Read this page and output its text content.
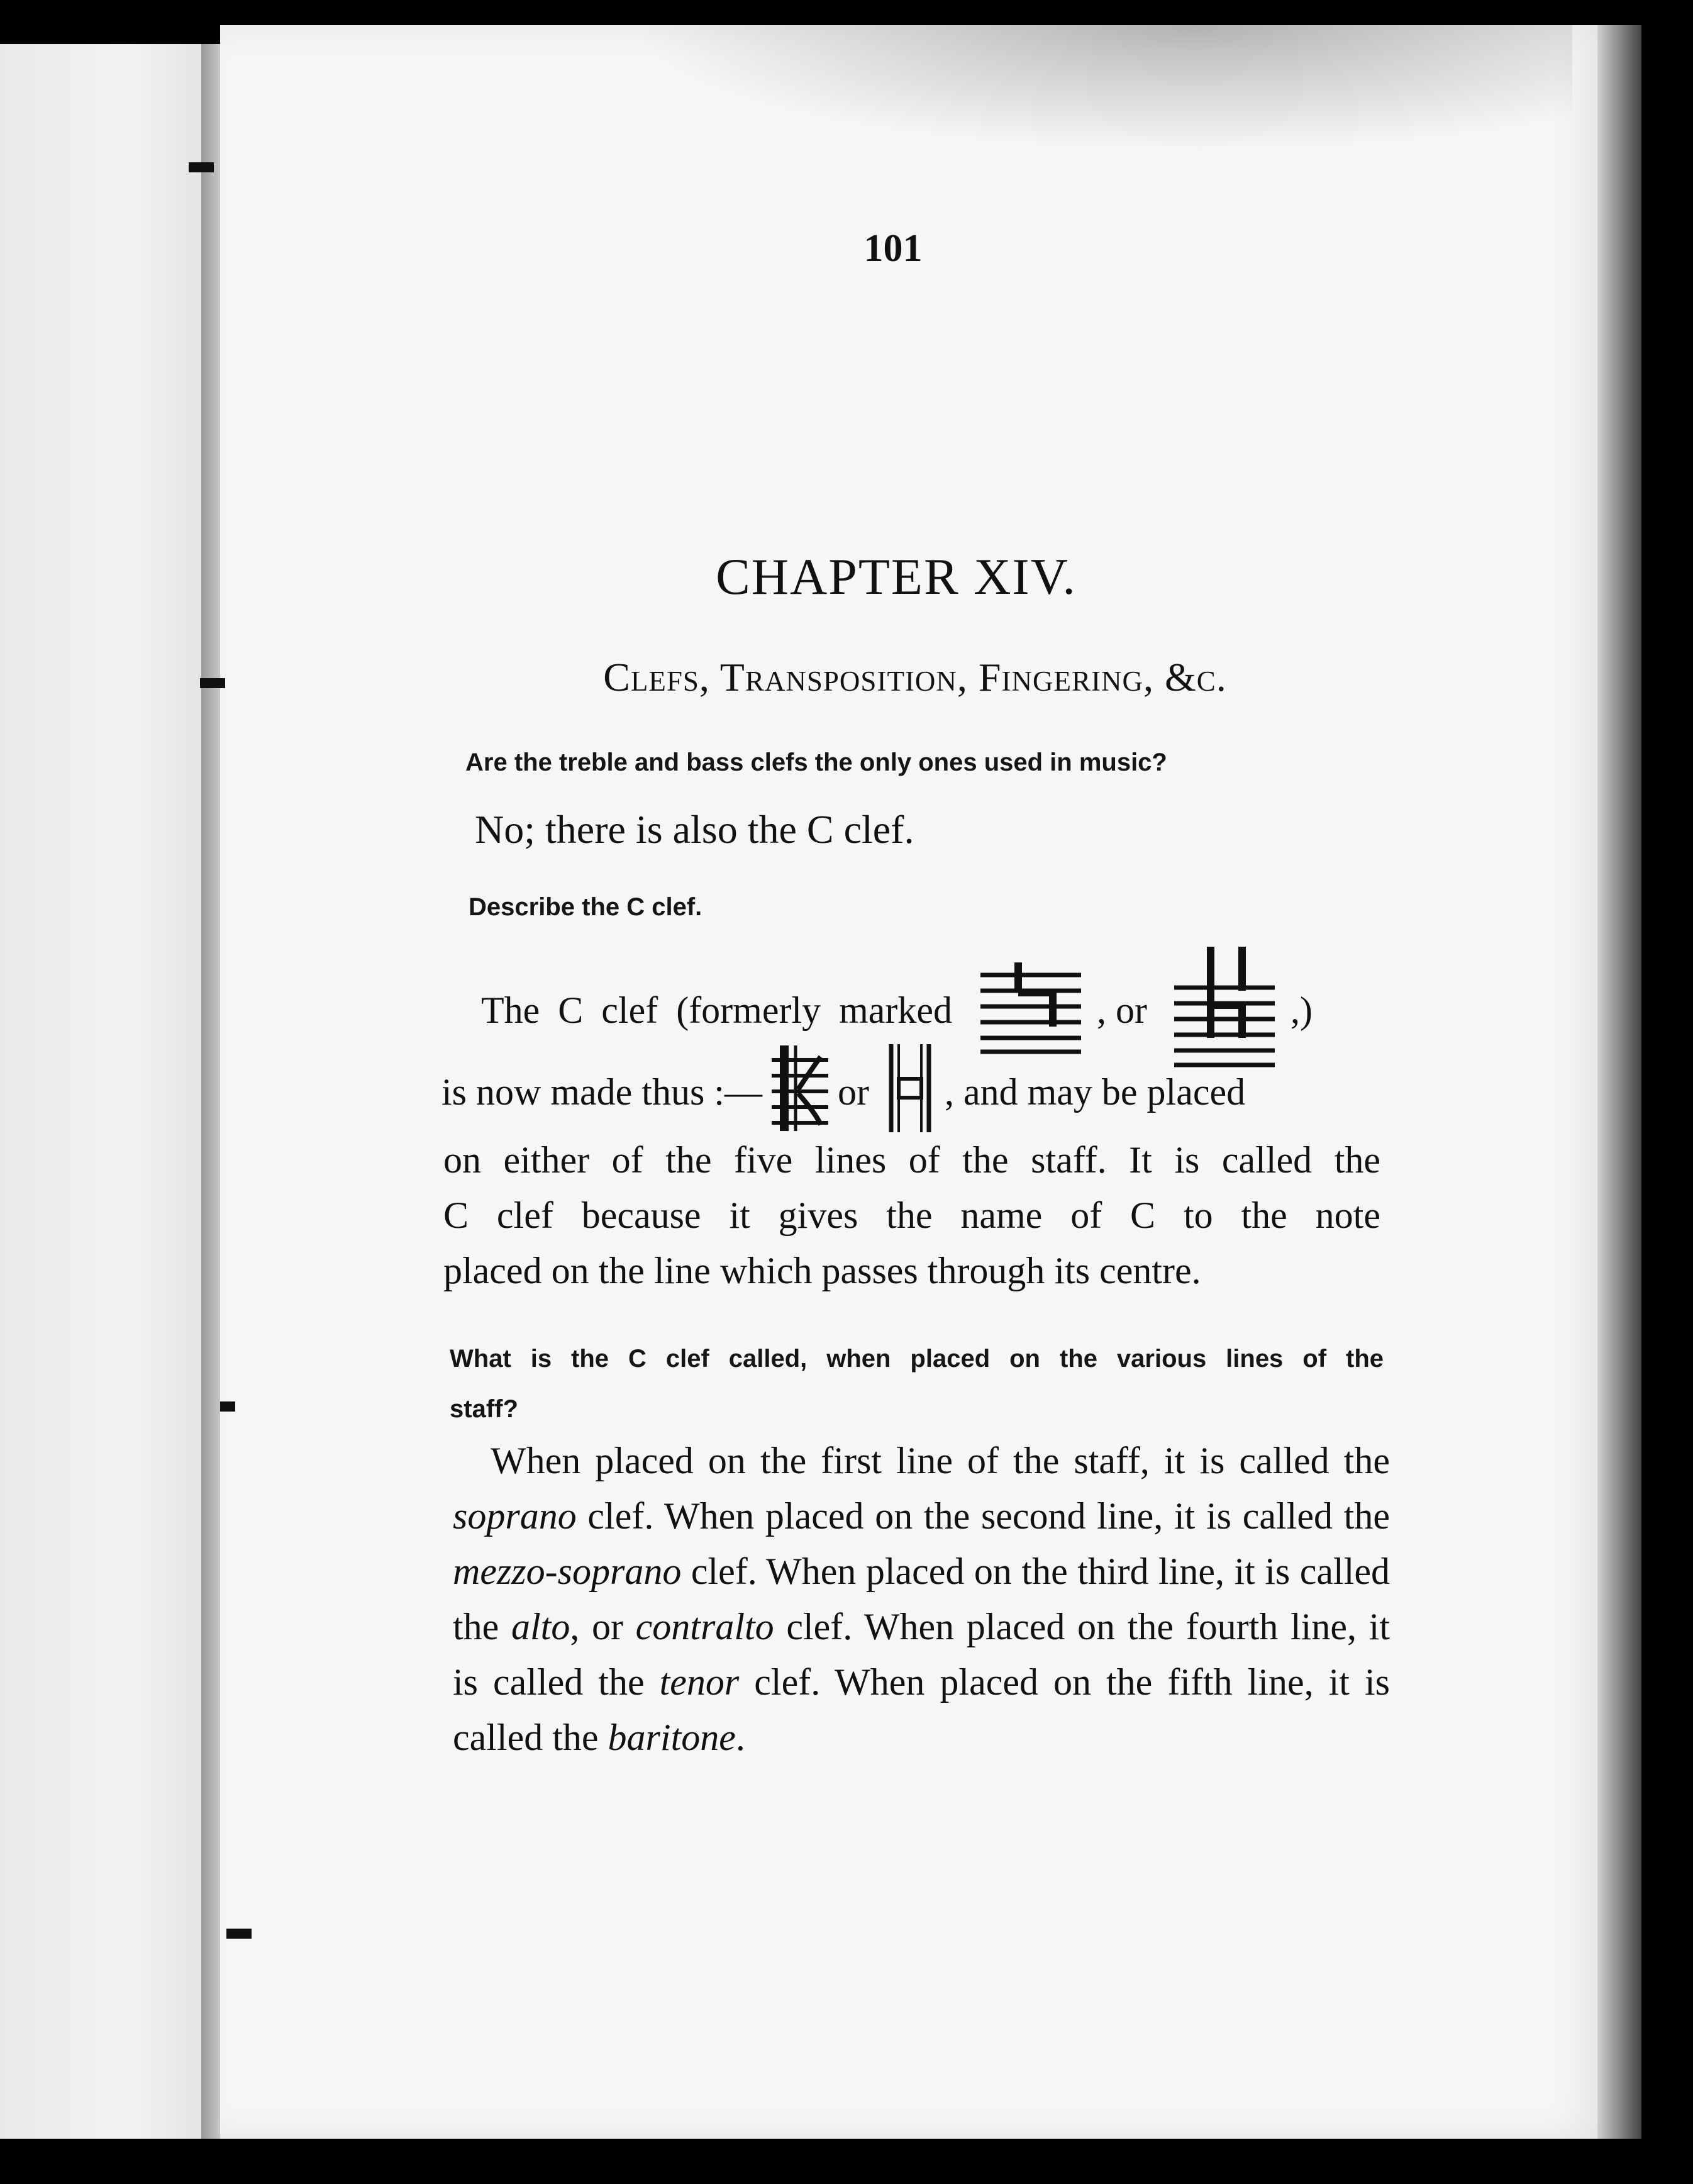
101
CHAPTER XIV.
Clefs, Transposition, Fingering, &c.
Are the treble and bass clefs the only ones used in music?
No; there is also the C clef.
Describe the C clef.
The C clef (formerly marked	, or	,)
is now made thus :— or , and may be placed
on either of the five lines of the staff. It is called the
C clef because it gives the name of C to the note
placed on the line which passes through its centre.
What is the C clef called, when placed on the various lines of the
staff?
When placed on the first line of the staff, it is called the soprano clef. When placed on the second line, it is called the mezzo-soprano clef. When placed on the third line, it is called the alto, or contralto clef. When placed on the fourth line, it is called the tenor clef. When placed on the fifth line, it is called the baritone.
